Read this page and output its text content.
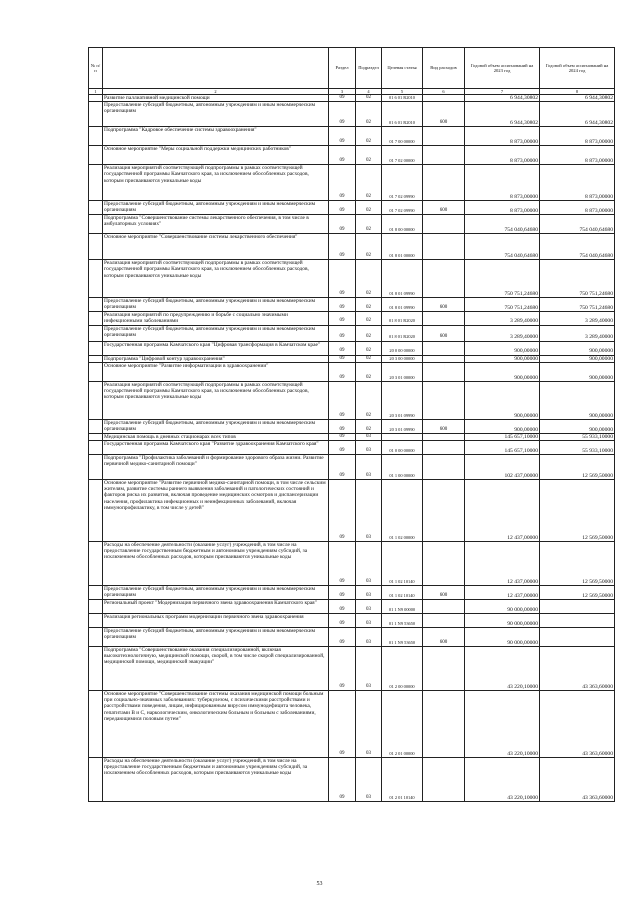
№ п/п		Раздел	Подраздел	Целевая статья	Вид расходов	Годовой объем ассигнований на 2023 год	Годовой объем ассигнований на 2024 год
1	2	3	4	5	6	7	8
	Развитие паллиативной медицинской помощи	09	02	01 6 01 R2010		6 944,30802	6 944,30802
	Предоставление субсидий бюджетным, автономным учреждениям и иным некоммерческим организациям	09	02	01 6 01 R2010	600	6 944,30802	6 944,30802
	Подпрограмма "Кадровое обеспечение системы здравоохранения"	09	02	01 7 00 00000		8 873,00000	8 873,00000
	Основное мероприятие "Меры социальной поддержки медицинских работников"	09	02	01 7 02 00000		8 873,00000	8 873,00000
	Реализация мероприятий соответствующей подпрограммы в рамках соответствующей государственной программы Камчатского края, за исключением обособленных расходов, которым присваиваются уникальные коды	09	02	01 7 02 09990		8 873,00000	8 873,00000
	Предоставление субсидий бюджетным, автономным учреждениям и иным некоммерческим организациям	09	02	01 7 02 09990	600	8 873,00000	8 873,00000
	Подпрограмма "Совершенствование системы лекарственного обеспечения, в том числе в амбулаторных условиях"	09	02	01 8 00 00000		754 040,64680	754 040,64680
	Основное мероприятие "Совершенствование системы лекарственного обеспечения"	09	02	01 8 01 00000		754 040,64680	754 040,64680
	Реализация мероприятий соответствующей подпрограммы в рамках соответствующей государственной программы Камчатского края, за исключением обособленных расходов, которым присваиваются уникальные коды	09	02	01 8 01 09990		750 751,24680	750 751,24680
	Предоставление субсидий бюджетным, автономным учреждениям и иным некоммерческим организациям	09	02	01 8 01 09990	600	750 751,24680	750 751,24680
	Реализация мероприятий по предупреждению и борьбе с социально значимыми инфекционными заболеваниями	09	02	01 8 01 R2020		3 289,40000	3 289,40000
	Предоставление субсидий бюджетным, автономным учреждениям и иным некоммерческим организациям	09	02	01 8 01 R2020	600	3 289,40000	3 289,40000
	Государственная программа Камчатского края "Цифровая трансформация в Камчатском крае"	09	02	20 0 00 00000		900,00000	900,00000
	Подпрограмма "Цифровой контур здравоохранения"	09	02	20 3 00 00000		900,00000	900,00000
	Основное мероприятие "Развитие информатизации в здравоохранении"	09	02	20 3 01 00000		900,00000	900,00000
	Реализация мероприятий соответствующей подпрограммы в рамках соответствующей государственной программы Камчатского края, за исключением обособленных расходов, которым присваиваются уникальные коды	09	02	20 3 01 09990		900,00000	900,00000
	Предоставление субсидий бюджетным, автономным учреждениям и иным некоммерческим организациям	09	02	20 3 01 09990	600	900,00000	900,00000
	Медицинская помощь в дневных стационарах всех типов	09	03			145 657,10000	55 933,10000
	Государственная программа Камчатского края "Развитие здравоохранения Камчатского края"	09	03	01 0 00 00000		145 657,10000	55 933,10000
	Подпрограмма "Профилактика заболеваний и формирование здорового образа жизни. Развитие первичной медико-санитарной помощи"	09	03	01 1 00 00000		102 437,00000	12 569,50000
	Основное мероприятие "Развитие первичной медико-санитарной помощи, в том числе сельским жителям, развитие системы раннего выявления заболеваний и патологических состояний и факторов риска их развития, включая проведение медицинских осмотров и диспансеризации населения, профилактика инфекционных и неинфекционных заболеваний, включая иммунопрофилактику, в том числе у детей"	09	03	01 1 02 00000		12 437,00000	12 569,50000
	Расходы на обеспечение деятельности (оказание услуг) учреждений, в том числе на предоставление государственным бюджетным и автономным учреждениям субсидий, за исключением обособленных расходов, которым присваиваются уникальные коды	09	03	01 1 02 10140		12 437,00000	12 569,50000
	Предоставление субсидий бюджетным, автономным учреждениям и иным некоммерческим организациям	09	03	01 1 02 10140	600	12 437,00000	12 569,50000
	Региональный проект "Модернизация первичного звена здравоохранения Камчатского края"	09	03	01 1 N9 00000		90 000,00000	
	Реализация региональных программ модернизации первичного звена здравоохранения	09	03	01 1 N9 53650		90 000,00000	
	Предоставление субсидий бюджетным, автономным учреждениям и иным некоммерческим организациям	09	03	01 1 N9 53650	600	90 000,00000	
	Подпрограмма "Совершенствование оказания специализированной, включая высокотехнологичную, медицинской помощи, скорой, в том числе скорой специализированной, медицинской помощи, медицинской эвакуации"	09	03	01 2 00 00000		43 220,10000	43 363,60000
	Основное мероприятие "Совершенствование системы оказания медицинской помощи больным при социально-значимых заболеваниях: туберкулезом, с психическими расстройствами и расстройствами поведения, лицам, инфицированным вирусом иммунодефицита человека, гепатитами B и C, наркологическим, онкологическим больным и больным с заболеваниями, передающимися половым путем"	09	03	01 2 01 00000		43 220,10000	43 363,60000
	Расходы на обеспечение деятельности (оказание услуг) учреждений, в том числе на предоставление государственным бюджетным и автономным учреждениям субсидий, за исключением обособленных расходов, которым присваиваются уникальные коды	09	03	01 2 01 10140		43 220,10000	43 363,60000
53
